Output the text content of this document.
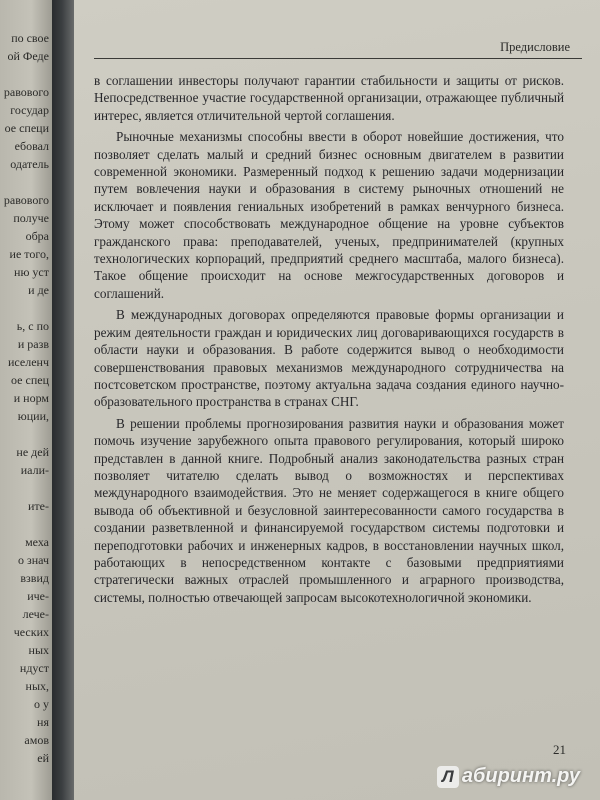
по свое
ой Феде
равового
государ
ое специ
ебовал
одатель
равового
получе
обра
ие того,
ню уст
и де
ь, с по
и разв
иселенч
ое спец
и норм
юции,
не дей
иали-
ите-
меха
о знач
взвид
иче-
лече-
ческих
ных
ндуст
ных,
о у
ня
амов
ей
Предисловие

в соглашении инвесторы получают гарантии стабильности и защиты от рисков. Непосредственное участие государственной организации, отражающее публичный интерес, является отличительной чертой соглашения.

Рыночные механизмы способны ввести в оборот новейшие достижения, что позволяет сделать малый и средний бизнес основным двигателем в развитии современной экономики. Размеренный подход к решению задачи модернизации путем вовлечения науки и образования в систему рыночных отношений не исключает и появления гениальных изобретений в рамках венчурного бизнеса. Этому может способствовать международное общение на уровне субъектов гражданского права: преподавателей, ученых, предпринимателей (крупных технологических корпораций, предприятий среднего масштаба, малого бизнеса). Такое общение происходит на основе межгосударственных договоров и соглашений.

В международных договорах определяются правовые формы организации и режим деятельности граждан и юридических лиц договаривающихся государств в области науки и образования. В работе содержится вывод о необходимости совершенствования правовых механизмов международного сотрудничества на постсоветском пространстве, поэтому актуальна задача создания единого научно-образовательного пространства в странах СНГ.

В решении проблемы прогнозирования развития науки и образования может помочь изучение зарубежного опыта правового регулирования, который широко представлен в данной книге. Подробный анализ законодательства разных стран позволяет читателю сделать вывод о возможностях и перспективах международного взаимодействия. Это не меняет содержащегося в книге общего вывода об объективной и безусловной заинтересованности самого государства в создании разветвленной и финансируемой государством системы подготовки и переподготовки рабочих и инженерных кадров, в восстановлении научных школ, работающих в непосредственном контакте с базовыми предприятиями стратегически важных отраслей промышленного и аграрного производства, системы, полностью отвечающей запросам высокотехнологичной экономики.

21
Л абиринт.ру
